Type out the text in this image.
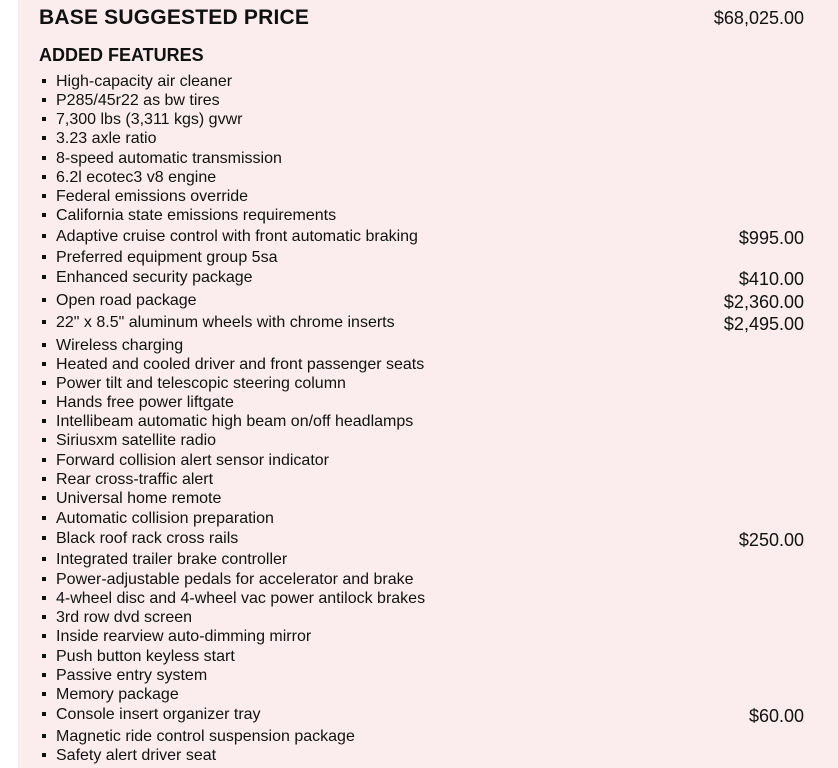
BASE SUGGESTED PRICE	$68,025.00
ADDED FEATURES
High-capacity air cleaner
P285/45r22 as bw tires
7,300 lbs (3,311 kgs) gvwr
3.23 axle ratio
8-speed automatic transmission
6.2l ecotec3 v8 engine
Federal emissions override
California state emissions requirements
Adaptive cruise control with front automatic braking	$995.00
Preferred equipment group 5sa
Enhanced security package	$410.00
Open road package	$2,360.00
22" x 8.5" aluminum wheels with chrome inserts	$2,495.00
Wireless charging
Heated and cooled driver and front passenger seats
Power tilt and telescopic steering column
Hands free power liftgate
Intellibeam automatic high beam on/off headlamps
Siriusxm satellite radio
Forward collision alert sensor indicator
Rear cross-traffic alert
Universal home remote
Automatic collision preparation
Black roof rack cross rails	$250.00
Integrated trailer brake controller
Power-adjustable pedals for accelerator and brake
4-wheel disc and 4-wheel vac power antilock brakes
3rd row dvd screen
Inside rearview auto-dimming mirror
Push button keyless start
Passive entry system
Memory package
Console insert organizer tray	$60.00
Magnetic ride control suspension package
Safety alert driver seat
